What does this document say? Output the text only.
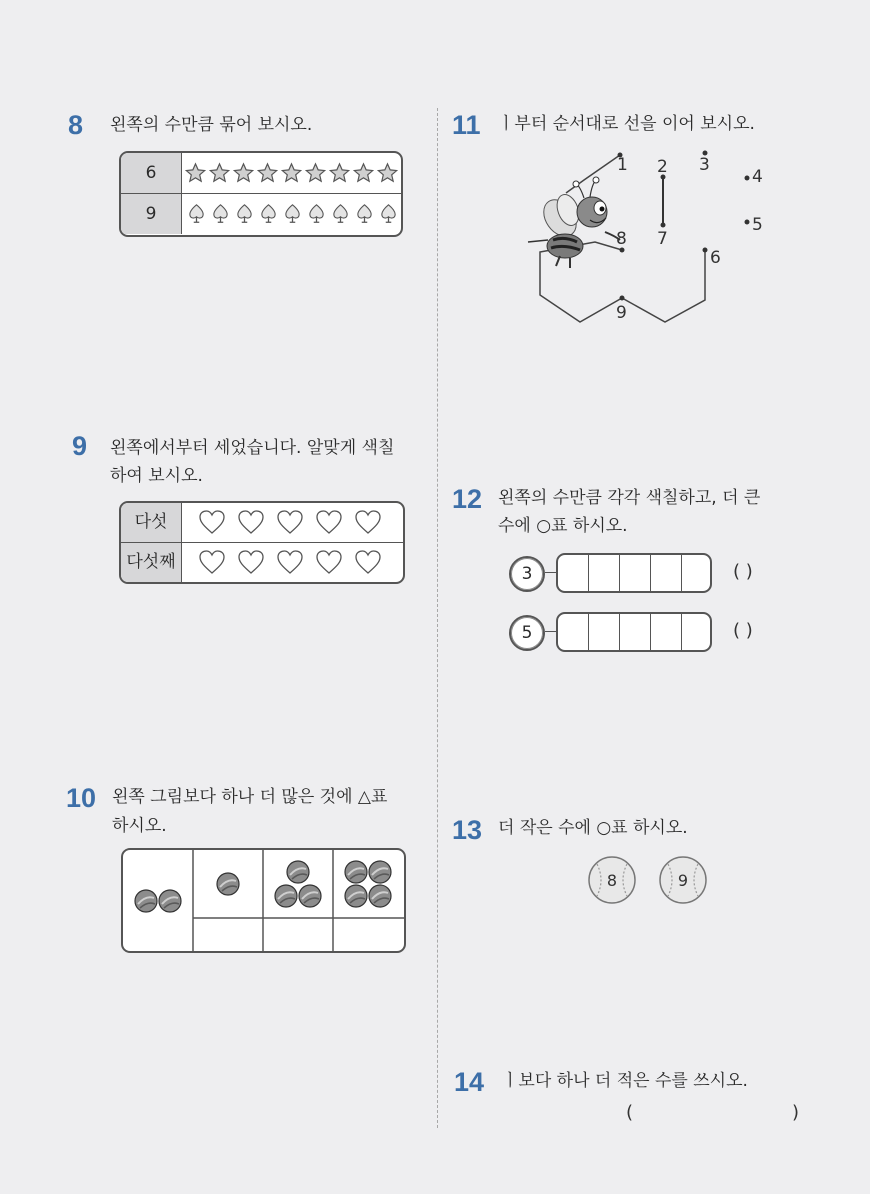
8 왼쪽의 수만큼 묶어 보시오.
6
9
9 왼쪽에서부터 세었습니다. 알맞게 색칠
하여 보시오.
다섯
다섯째
10 왼쪽 그림보다 하나 더 많은 것에 △표
하시오.
11 ㅣ부터 순서대로 선을 이어 보시오.
1 2 3
4
5
6
7
8
9
12 왼쪽의 수만큼 각각 색칠하고, 더 큰
수에 ○표 하시오.
3	( )
5	( )
13 더 작은 수에 ○표 하시오.
8	9
14 ㅣ보다 하나 더 적은 수를 쓰시오.
(	)
